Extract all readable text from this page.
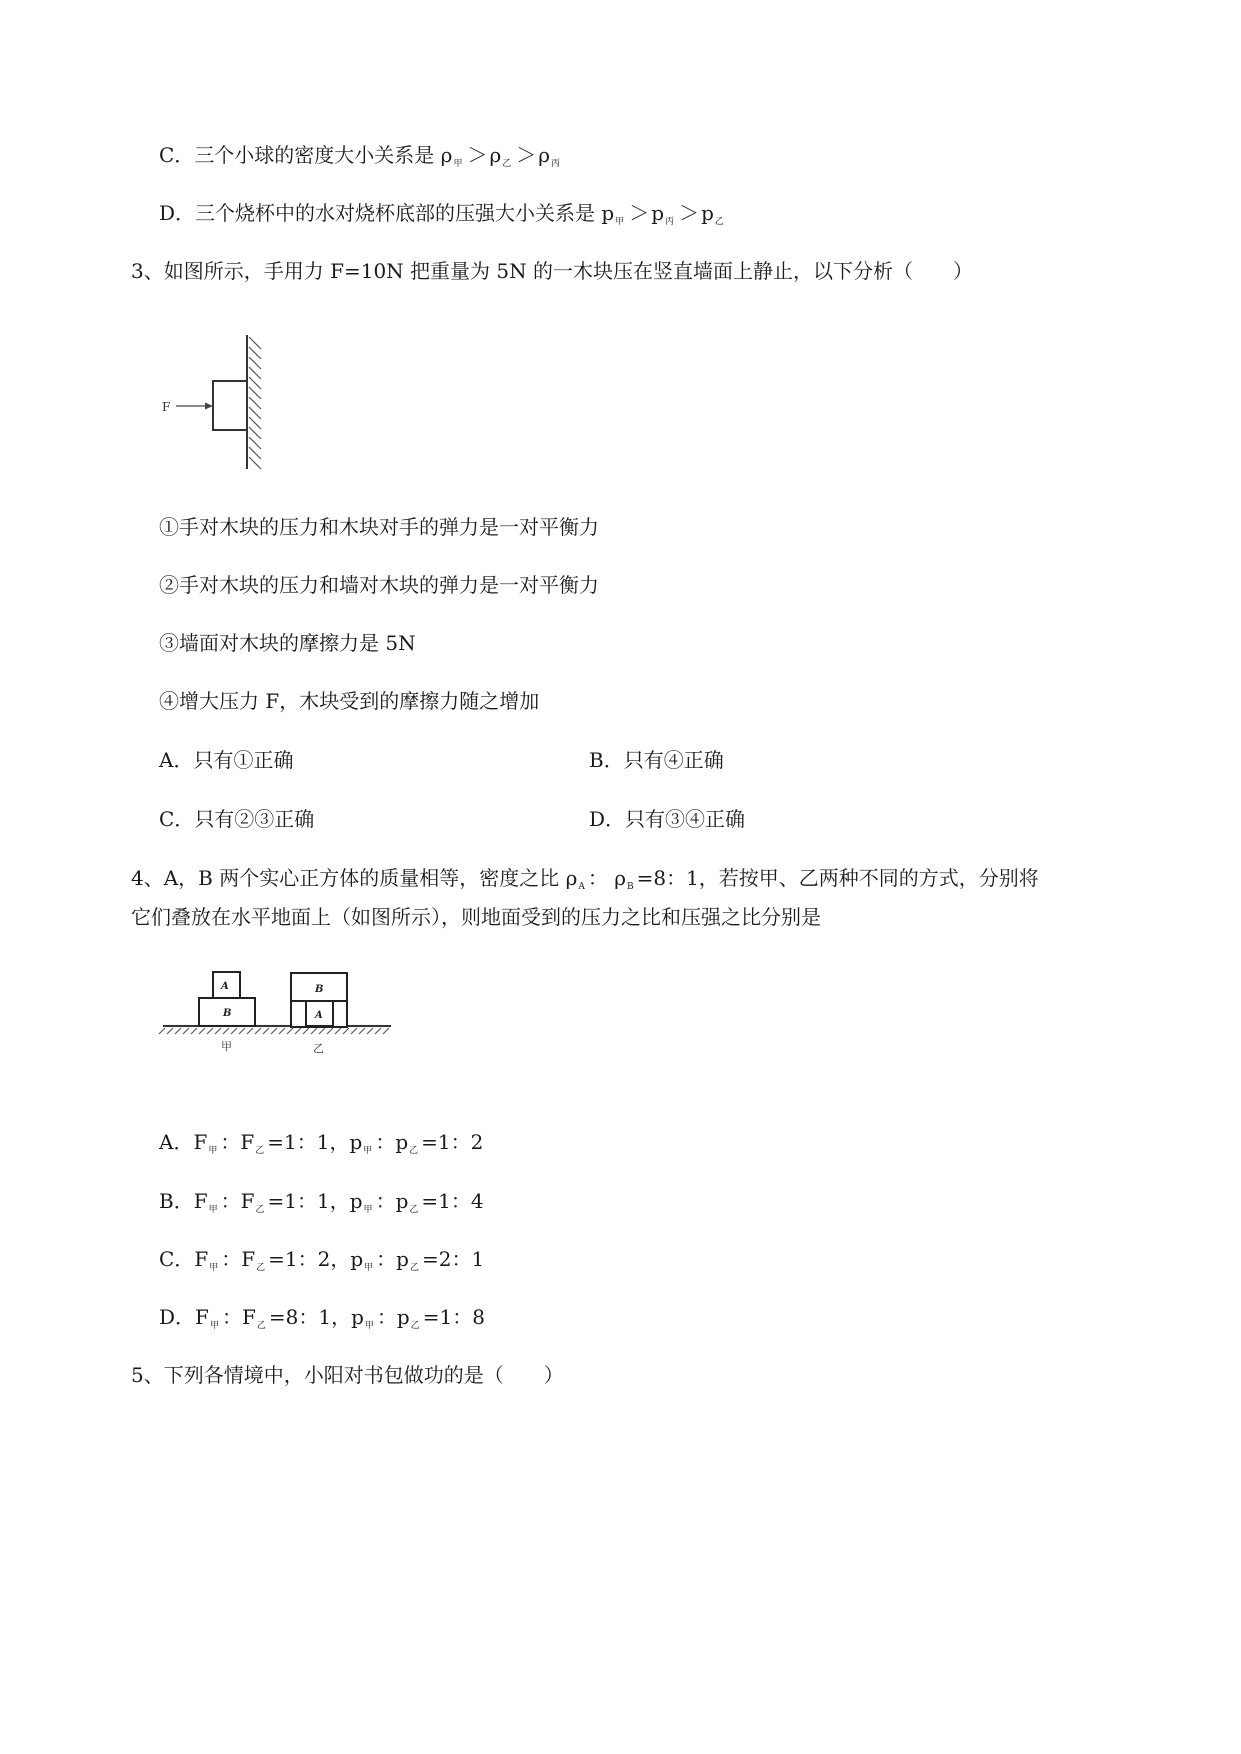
C．三个小球的密度大小关系是 $\rho_甲 > \rho_乙 > \rho_丙$
D．三个烧杯中的水对烧杯底部的压强大小关系是 $p_甲 > p_丙 > p_乙$
3、如图所示，手用力 F=10N 把重量为 5N 的一木块压在竖直墙面上静止，以下分析（　　）
F
①手对木块的压力和木块对手的弹力是一对平衡力
②手对木块的压力和墙对木块的弹力是一对平衡力
③墙面对木块的摩擦力是 5N
④增大压力 F，木块受到的摩擦力随之增加
A．只有①正确	B．只有④正确
C．只有②③正确	D．只有③④正确
4、A，B 两个实心正方体的质量相等，密度之比 $\rho_A$ ： $\rho_B =8$：1，若按甲、乙两种不同的方式，分别将
它们叠放在水平地面上（如图所示），则地面受到的压力之比和压强之比分别是
A
B
B
A
甲	乙
A．$F_甲$ ：$F_乙 =1$：1，$p_甲$ ：$p_乙 =1$：2
B．$F_甲$ ：$F_乙 =1$：1，$p_甲$ ：$p_乙 =1$：4
C．$F_甲$ ：$F_乙 =1$：2，$p_甲$ ：$p_乙 =2$：1
D．$F_甲$ ：$F_乙 =8$：1，$p_甲$ ：$p_乙 =1$：8
5、下列各情境中，小阳对书包做功的是（　　）
